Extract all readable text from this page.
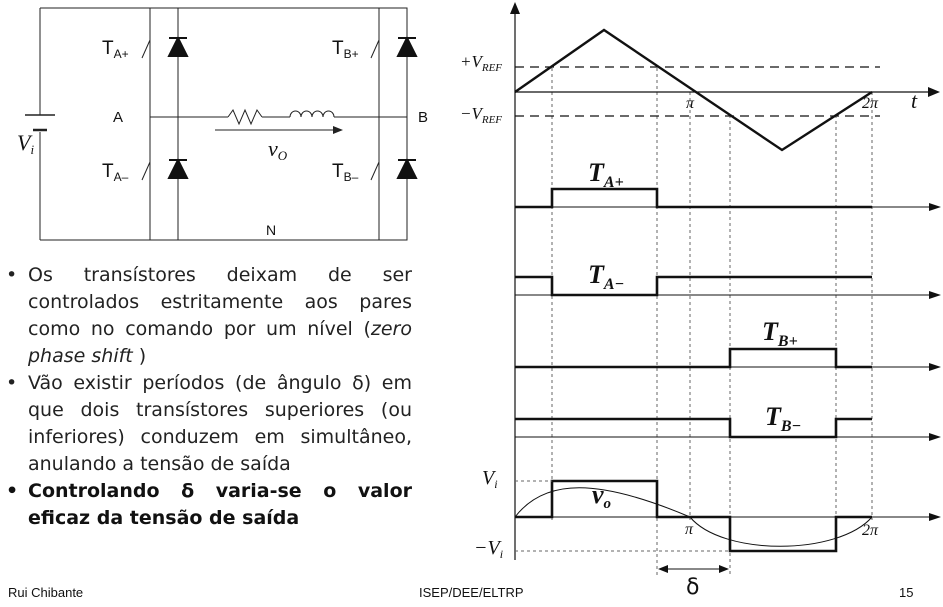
$T_{A+}$
$T_{A-}$
$T_{B+}$
$T_{B-}$
A	B
N
Vi	vO
$+V_{REF}$
$-V_{REF}$
π	2π t
$T_{A+}$
$T_{A-}$
$T_{B+}$
$T_{B-}$
$V_i$
$-V_i$
vo
π	2π
δ
• Os transístores deixam de ser controlados estritamente aos pares como no comando por um nível (zero phase shift )
• Vão existir períodos (de ângulo δ) em que dois transístores superiores (ou inferiores) conduzem em simultâneo, anulando a tensão de saída
• Controlando δ varia-se o valor eficaz da tensão de saída
Rui Chibante	ISEP/DEE/ELTRP	15
